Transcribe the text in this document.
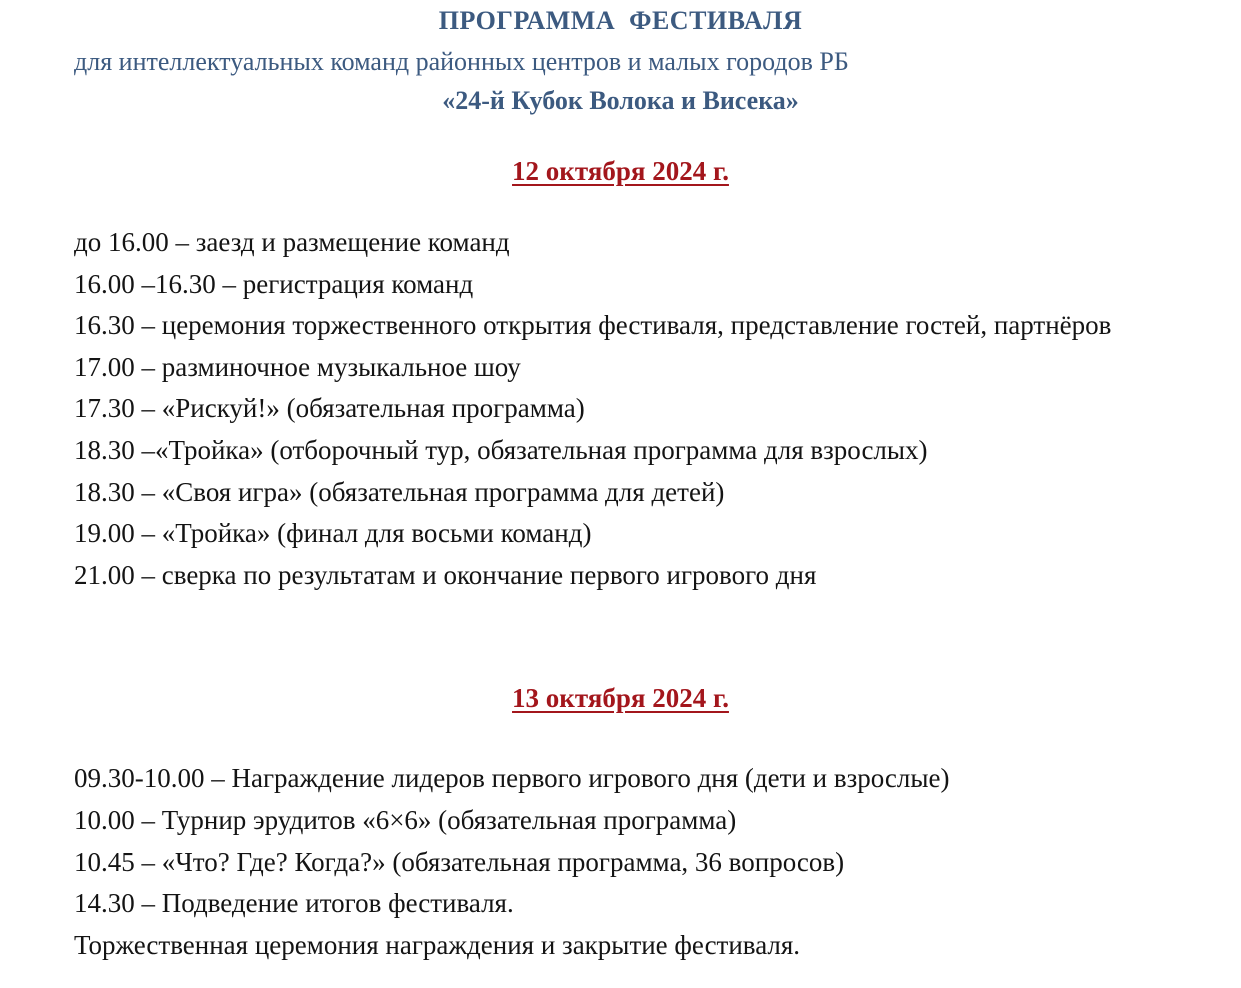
ПРОГРАММА  ФЕСТИВАЛЯ
для интеллектуальных команд районных центров и малых городов РБ
«24-й Кубок Волока и Висека»
12 октября 2024 г.
до 16.00 – заезд и размещение команд
16.00 –16.30 – регистрация команд
16.30 – церемония торжественного открытия фестиваля, представление гостей, партнёров
17.00 – разминочное музыкальное шоу
17.30 – «Рискуй!» (обязательная программа)
18.30 –«Тройка» (отборочный тур, обязательная программа для взрослых)
18.30 – «Своя игра» (обязательная программа для детей)
19.00 – «Тройка» (финал для восьми команд)
21.00 – сверка по результатам и окончание первого игрового дня
13 октября 2024 г.
09.30-10.00 – Награждение лидеров первого игрового дня (дети и взрослые)
10.00 – Турнир эрудитов «6×6» (обязательная программа)
10.45 – «Что? Где? Когда?» (обязательная программа, 36 вопросов)
14.30 – Подведение итогов фестиваля.
Торжественная церемония награждения и закрытие фестиваля.
